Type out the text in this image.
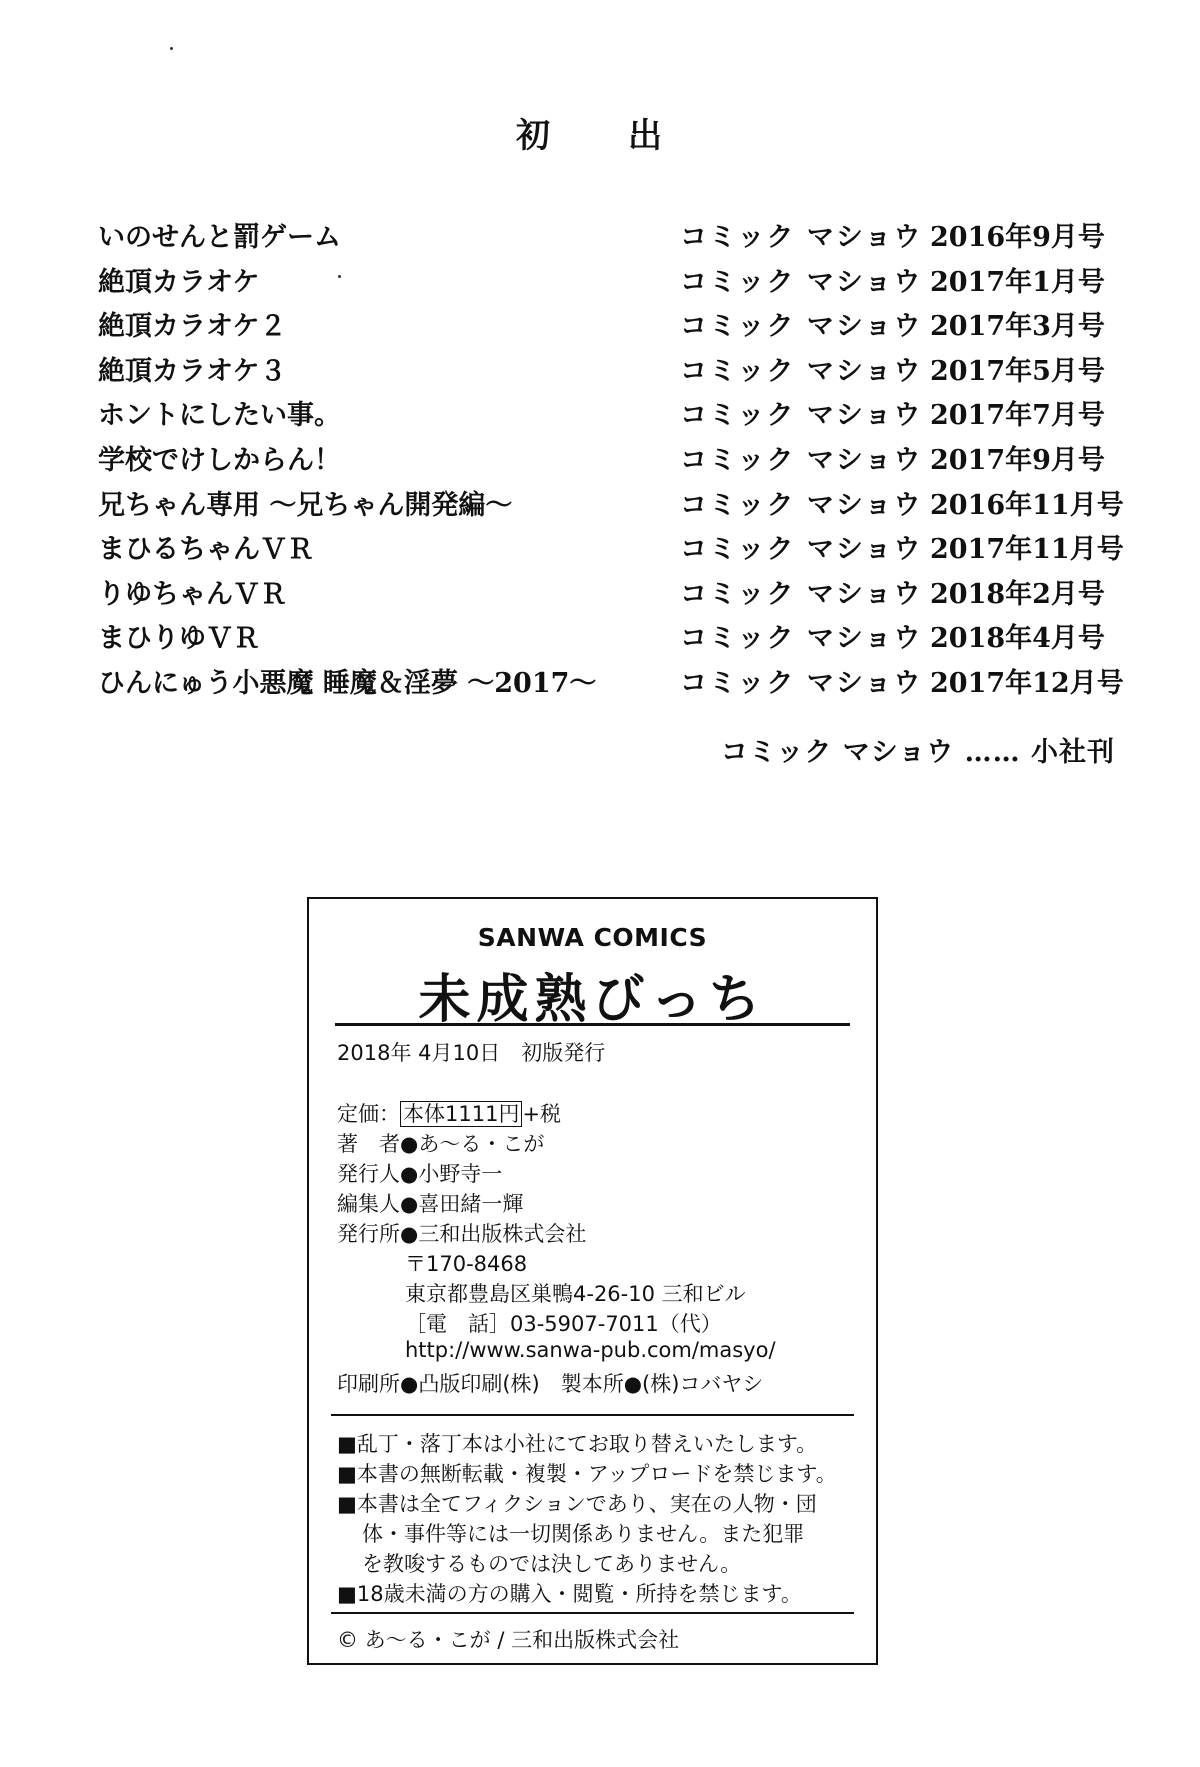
初　出
いのせんと罰ゲーム	コミック マショウ 2016年9月号
絶頂カラオケ	コミック マショウ 2017年1月号
絶頂カラオケ２	コミック マショウ 2017年3月号
絶頂カラオケ３	コミック マショウ 2017年5月号
ホントにしたい事。	コミック マショウ 2017年7月号
学校でけしからん！	コミック マショウ 2017年9月号
兄ちゃん専用 〜兄ちゃん開発編〜	コミック マショウ 2016年11月号
まひるちゃんＶＲ	コミック マショウ 2017年11月号
りゆちゃんＶＲ	コミック マショウ 2018年2月号
まひりゆＶＲ	コミック マショウ 2018年4月号
ひんにゅう小悪魔 睡魔＆淫夢 〜2017〜	コミック マショウ 2017年12月号
コミック マショウ …… 小社刊
SANWA COMICS
未成熟びっち
2018年 4月10日　初版発行
定価： 本体1111円 +税
著　者●あ〜る・こが
発行人●小野寺一
編集人●喜田緒一輝
発行所●三和出版株式会社
〒170-8468
東京都豊島区巣鴨4-26-10 三和ビル
［電　話］03-5907-7011（代）
http://www.sanwa-pub.com/masyo/
印刷所●凸版印刷(株)　製本所●(株)コバヤシ
■乱丁・落丁本は小社にてお取り替えいたします。
■本書の無断転載・複製・アップロードを禁じます。
■本書は全てフィクションであり、実在の人物・団
体・事件等には一切関係ありません。また犯罪
を教唆するものでは決してありません。
■18歳未満の方の購入・閲覧・所持を禁じます。
© あ〜る・こが / 三和出版株式会社
